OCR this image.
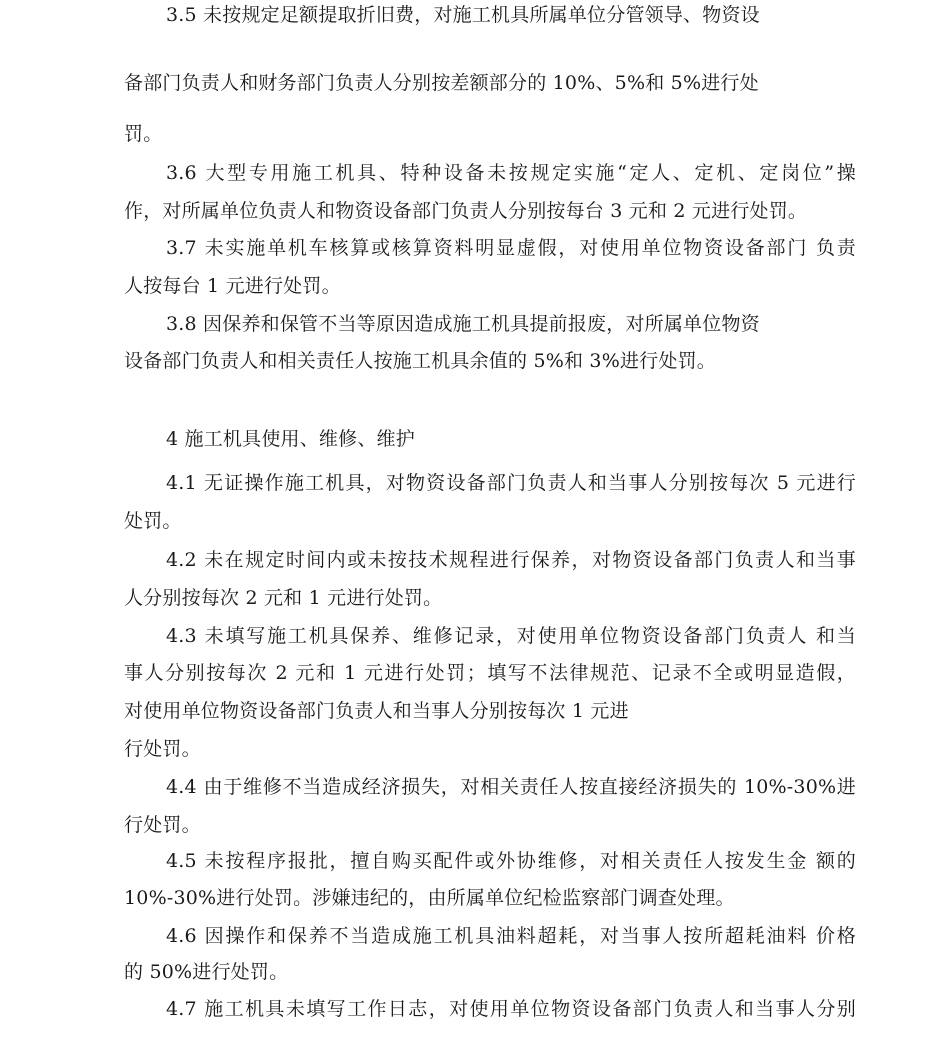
3.5 未按规定足额提取折旧费，对施工机具所属单位分管领导、物资设
备部门负责人和财务部门负责人分别按差额部分的 10%、5%和 5%进行处
罚。
3.6 大型专用施工机具、特种设备未按规定实施“定人、定机、定岗位”操
作，对所属单位负责人和物资设备部门负责人分别按每台 3 元和 2 元进行处罚。
3.7 未实施单机车核算或核算资料明显虚假，对使用单位物资设备部门 负责
人按每台 1 元进行处罚。
3.8 因保养和保管不当等原因造成施工机具提前报废，对所属单位物资
设备部门负责人和相关责任人按施工机具余值的 5%和 3%进行处罚。
4 施工机具使用、维修、维护
4.1 无证操作施工机具，对物资设备部门负责人和当事人分别按每次 5 元进行
处罚。
4.2 未在规定时间内或未按技术规程进行保养，对物资设备部门负责人和当事
人分别按每次 2 元和 1 元进行处罚。
4.3 未填写施工机具保养、维修记录，对使用单位物资设备部门负责人 和当
事人分别按每次 2 元和 1 元进行处罚；填写不法律规范、记录不全或明显造假，
对使用单位物资设备部门负责人和当事人分别按每次 1 元进
行处罚。
4.4 由于维修不当造成经济损失，对相关责任人按直接经济损失的 10%-30%进
行处罚。
4.5 未按程序报批，擅自购买配件或外协维修，对相关责任人按发生金 额的
10%-30%进行处罚。涉嫌违纪的，由所属单位纪检监察部门调查处理。
4.6 因操作和保养不当造成施工机具油料超耗，对当事人按所超耗油料 价格
的 50%进行处罚。
4.7 施工机具未填写工作日志，对使用单位物资设备部门负责人和当事人分别
